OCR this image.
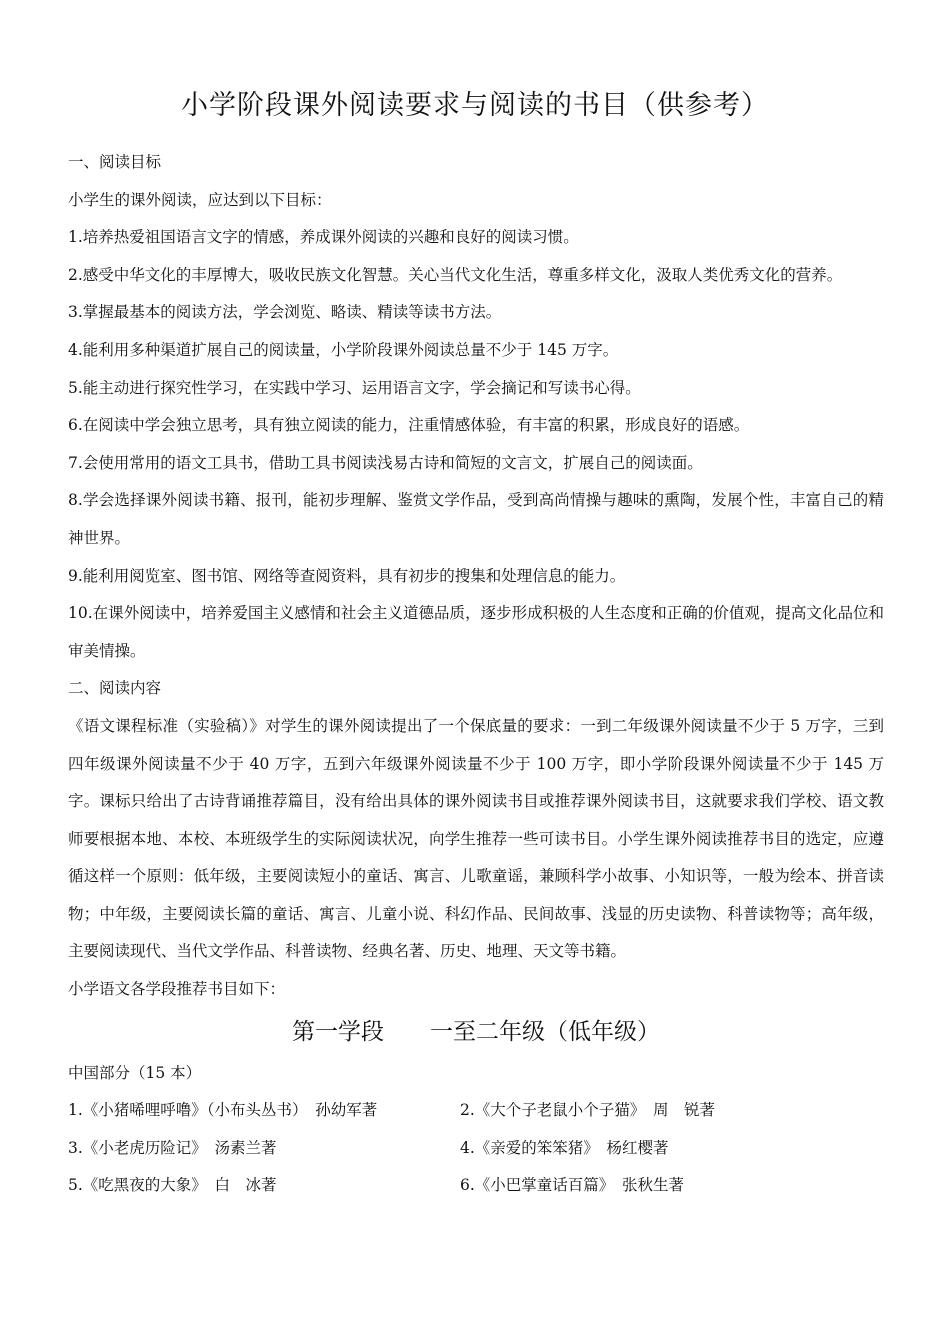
小学阶段课外阅读要求与阅读的书目（供参考）

一、阅读目标

小学生的课外阅读，应达到以下目标：

1.培养热爱祖国语言文字的情感，养成课外阅读的兴趣和良好的阅读习惯。

2.感受中华文化的丰厚博大，吸收民族文化智慧。关心当代文化生活，尊重多样文化，汲取人类优秀文化的营养。

3.掌握最基本的阅读方法，学会浏览、略读、精读等读书方法。

4.能利用多种渠道扩展自己的阅读量，小学阶段课外阅读总量不少于 145 万字。

5.能主动进行探究性学习，在实践中学习、运用语言文字，学会摘记和写读书心得。

6.在阅读中学会独立思考，具有独立阅读的能力，注重情感体验，有丰富的积累，形成良好的语感。

7.会使用常用的语文工具书，借助工具书阅读浅易古诗和简短的文言文，扩展自己的阅读面。

8.学会选择课外阅读书籍、报刊，能初步理解、鉴赏文学作品，受到高尚情操与趣味的熏陶，发展个性，丰富自己的精神世界。

9.能利用阅览室、图书馆、网络等查阅资料，具有初步的搜集和处理信息的能力。

10.在课外阅读中，培养爱国主义感情和社会主义道德品质，逐步形成积极的人生态度和正确的价值观，提高文化品位和审美情操。

二、阅读内容

《语文课程标准（实验稿）》对学生的课外阅读提出了一个保底量的要求：一到二年级课外阅读量不少于 5 万字，三到四年级课外阅读量不少于 40 万字，五到六年级课外阅读量不少于 100 万字，即小学阶段课外阅读量不少于 145 万字。课标只给出了古诗背诵推荐篇目，没有给出具体的课外阅读书目或推荐课外阅读书目，这就要求我们学校、语文教师要根据本地、本校、本班级学生的实际阅读状况，向学生推荐一些可读书目。小学生课外阅读推荐书目的选定，应遵循这样一个原则：低年级，主要阅读短小的童话、寓言、儿歌童谣，兼顾科学小故事、小知识等，一般为绘本、拼音读物；中年级，主要阅读长篇的童话、寓言、儿童小说、科幻作品、民间故事、浅显的历史读物、科普读物等；高年级，主要阅读现代、当代文学作品、科普读物、经典名著、历史、地理、天文等书籍。

小学语文各学段推荐书目如下：

第一学段　　一至二年级（低年级）

中国部分（15 本）

1.《小猪唏哩呼噜》（小布头丛书）　孙幼军著	2.《大个子老鼠小个子猫》　周　锐著
3.《小老虎历险记》　汤素兰著	4.《亲爱的笨笨猪》　杨红樱著
5.《吃黑夜的大象》　白　冰著	6.《小巴掌童话百篇》　张秋生著
